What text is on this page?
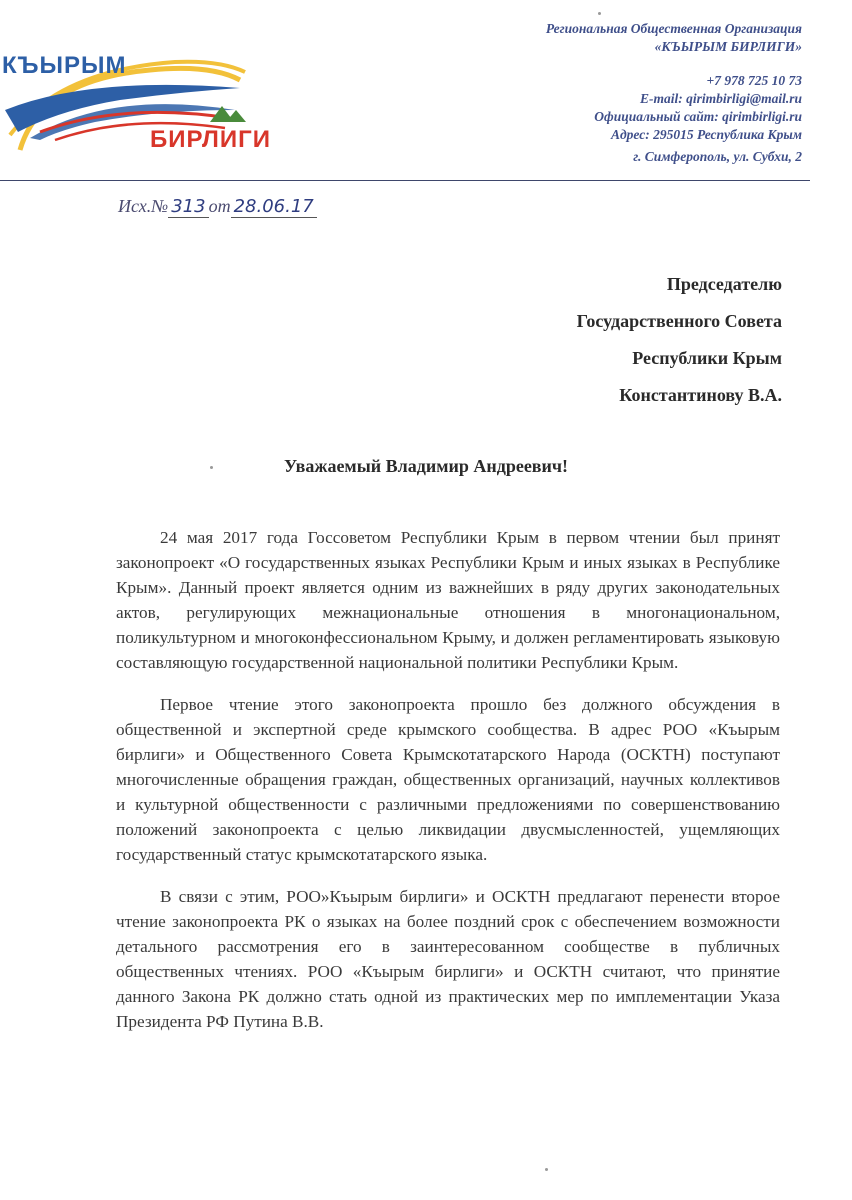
КЪЫРЫМ
БИРЛИГИ
Региональная Общественная Организация
«КЪЫРЫМ БИРЛИГИ»
+7 978 725 10 73
E-mail: qirimbirligi@mail.ru
Официальный сайт: qirimbirligi.ru
Адрес: 295015 Республика Крым
г. Симферополь, ул. Субхи, 2
Исх.№ 313 от 28.06.17
Председателю
Государственного Совета
Республики Крым
Константинову В.А.
Уважаемый Владимир Андреевич!

24 мая 2017 года Госсоветом Республики Крым в первом чтении был принят законопроект «О государственных языках Республики Крым и иных языках в Республике Крым». Данный проект является одним из важнейших в ряду других законодательных актов, регулирующих межнациональные отношения в многонациональном, поликультурном и многоконфессиональном Крыму, и должен регламентировать языковую составляющую государственной национальной политики Республики Крым.

Первое чтение этого законопроекта прошло без должного обсуждения в общественной и экспертной среде крымского сообщества. В адрес РОО «Къырым бирлиги» и Общественного Совета Крымскотатарского Народа (ОСКТН) поступают многочисленные обращения граждан, общественных организаций, научных коллективов и культурной общественности с различными предложениями по совершенствованию положений законопроекта с целью ликвидации двусмысленностей, ущемляющих государственный статус крымскотатарского языка.

В связи с этим, РОО»Къырым бирлиги» и ОСКТН предлагают перенести второе чтение законопроекта РК о языках на более поздний срок с обеспечением возможности детального рассмотрения его в заинтересованном сообществе в публичных общественных чтениях. РОО «Къырым бирлиги» и ОСКТН считают, что принятие данного Закона РК должно стать одной из практических мер по имплементации Указа Президента РФ Путина В.В.
